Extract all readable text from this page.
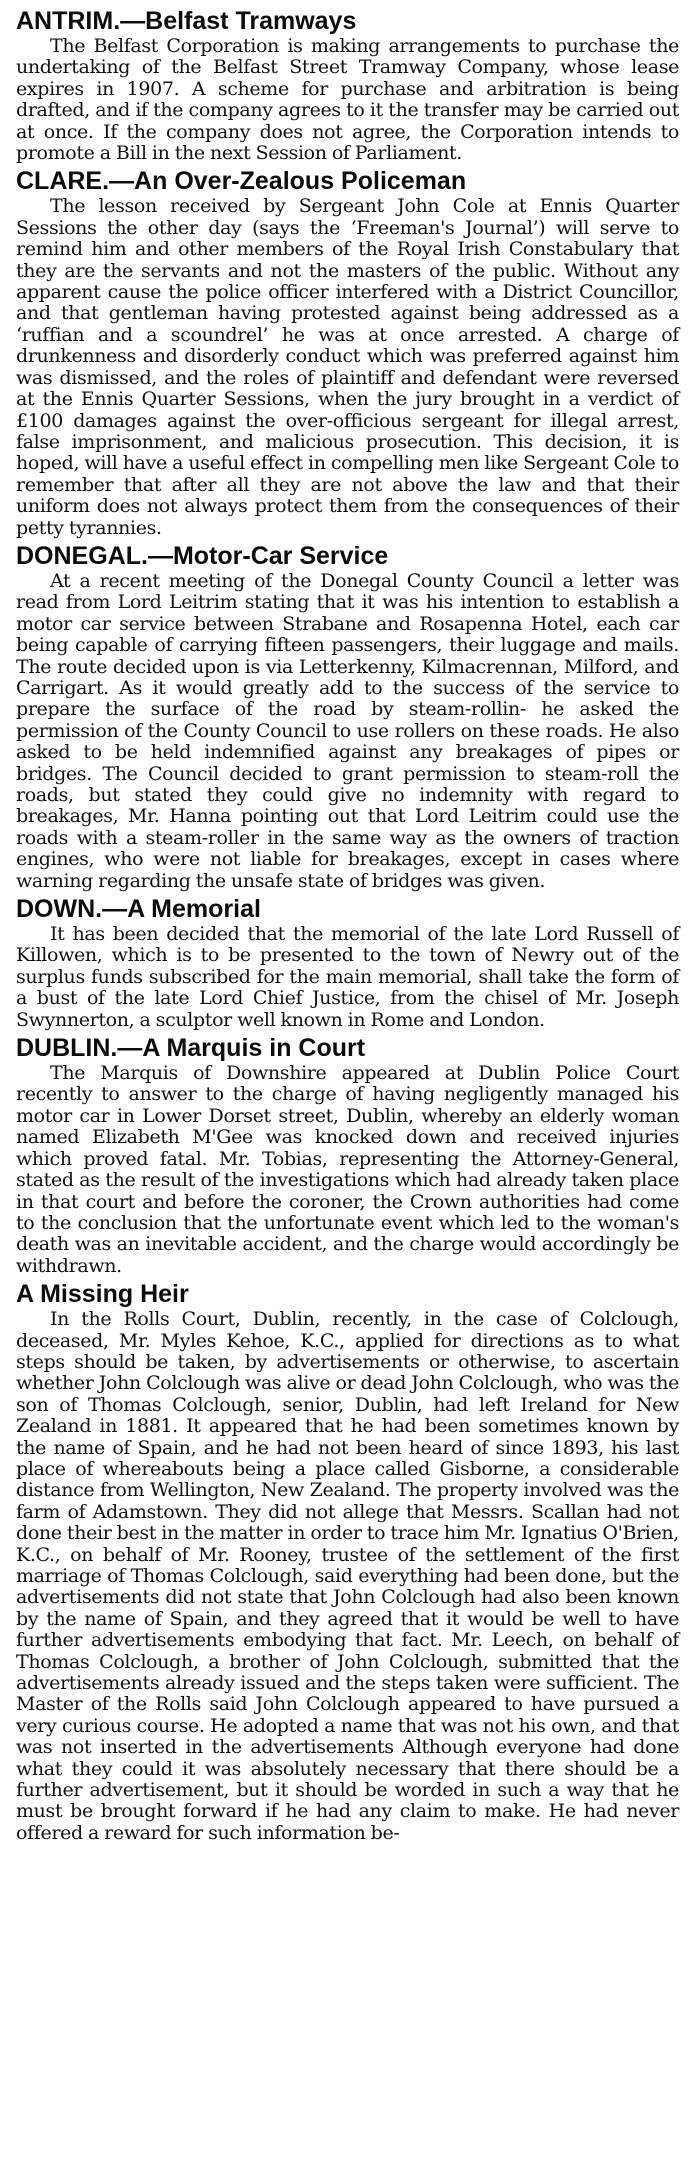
ANTRIM.—Belfast Tramways

The Belfast Corporation is making arrangements to purchase the undertaking of the Belfast Street Tramway Company, whose lease expires in 1907. A scheme for purchase and arbitration is being drafted, and if the company agrees to it the transfer may be carried out at once. If the company does not agree, the Corporation intends to promote a Bill in the next Session of Parliament.

CLARE.—An Over-Zealous Policeman

The lesson received by Sergeant John Cole at Ennis Quarter Sessions the other day (says the ‘Freeman's Journal’) will serve to remind him and other members of the Royal Irish Constabulary that they are the servants and not the masters of the public. Without any apparent cause the police officer interfered with a District Councillor, and that gentleman having protested against being addressed as a ‘ruffian and a scoundrel’ he was at once arrested. A charge of drunkenness and disorderly conduct which was preferred against him was dismissed, and the roles of plaintiff and defendant were reversed at the Ennis Quarter Sessions, when the jury brought in a verdict of £100 damages against the over-officious sergeant for illegal arrest, false imprisonment, and malicious prosecution. This decision, it is hoped, will have a useful effect in compelling men like Sergeant Cole to remember that after all they are not above the law and that their uniform does not always protect them from the consequences of their petty tyrannies.

DONEGAL.—Motor-Car Service

At a recent meeting of the Donegal County Council a letter was read from Lord Leitrim stating that it was his intention to establish a motor car service between Strabane and Rosapenna Hotel, each car being capable of carrying fifteen passengers, their luggage and mails. The route decided upon is via Letterkenny, Kilmacrennan, Milford, and Carrigart. As it would greatly add to the success of the service to prepare the surface of the road by steam-rollin- he asked the permission of the County Council to use rollers on these roads. He also asked to be held indemnified against any breakages of pipes or bridges. The Council decided to grant permission to steam-roll the roads, but stated they could give no indemnity with regard to breakages, Mr. Hanna pointing out that Lord Leitrim could use the roads with a steam-roller in the same way as the owners of traction engines, who were not liable for breakages, except in cases where warning regarding the unsafe state of bridges was given.

DOWN.—A Memorial

It has been decided that the memorial of the late Lord Russell of Killowen, which is to be presented to the town of Newry out of the surplus funds subscribed for the main memorial, shall take the form of a bust of the late Lord Chief Justice, from the chisel of Mr. Joseph Swynnerton, a sculptor well known in Rome and London.

DUBLIN.—A Marquis in Court

The Marquis of Downshire appeared at Dublin Police Court recently to answer to the charge of having negligently managed his motor car in Lower Dorset street, Dublin, whereby an elderly woman named Elizabeth M'Gee was knocked down and received injuries which proved fatal. Mr. Tobias, representing the Attorney-General, stated as the result of the investigations which had already taken place in that court and before the coroner, the Crown authorities had come to the conclusion that the unfortunate event which led to the woman's death was an inevitable accident, and the charge would accordingly be withdrawn.

A Missing Heir

In the Rolls Court, Dublin, recently, in the case of Colclough, deceased, Mr. Myles Kehoe, K.C., applied for directions as to what steps should be taken, by advertisements or otherwise, to ascertain whether John Colclough was alive or dead John Colclough, who was the son of Thomas Colclough, senior, Dublin, had left Ireland for New Zealand in 1881. It appeared that he had been sometimes known by the name of Spain, and he had not been heard of since 1893, his last place of whereabouts being a place called Gisborne, a considerable distance from Wellington, New Zealand. The property involved was the farm of Adamstown. They did not allege that Messrs. Scallan had not done their best in the matter in order to trace him Mr. Ignatius O'Brien, K.C., on behalf of Mr. Rooney, trustee of the settlement of the first marriage of Thomas Colclough, said everything had been done, but the advertisements did not state that John Colclough had also been known by the name of Spain, and they agreed that it would be well to have further advertisements embodying that fact. Mr. Leech, on behalf of Thomas Colclough, a brother of John Colclough, submitted that the advertisements already issued and the steps taken were sufficient. The Master of the Rolls said John Colclough appeared to have pursued a very curious course. He adopted a name that was not his own, and that was not inserted in the advertisements Although everyone had done what they could it was absolutely necessary that there should be a further advertisement, but it should be worded in such a way that he must be brought forward if he had any claim to make. He had never offered a reward for such information be-
